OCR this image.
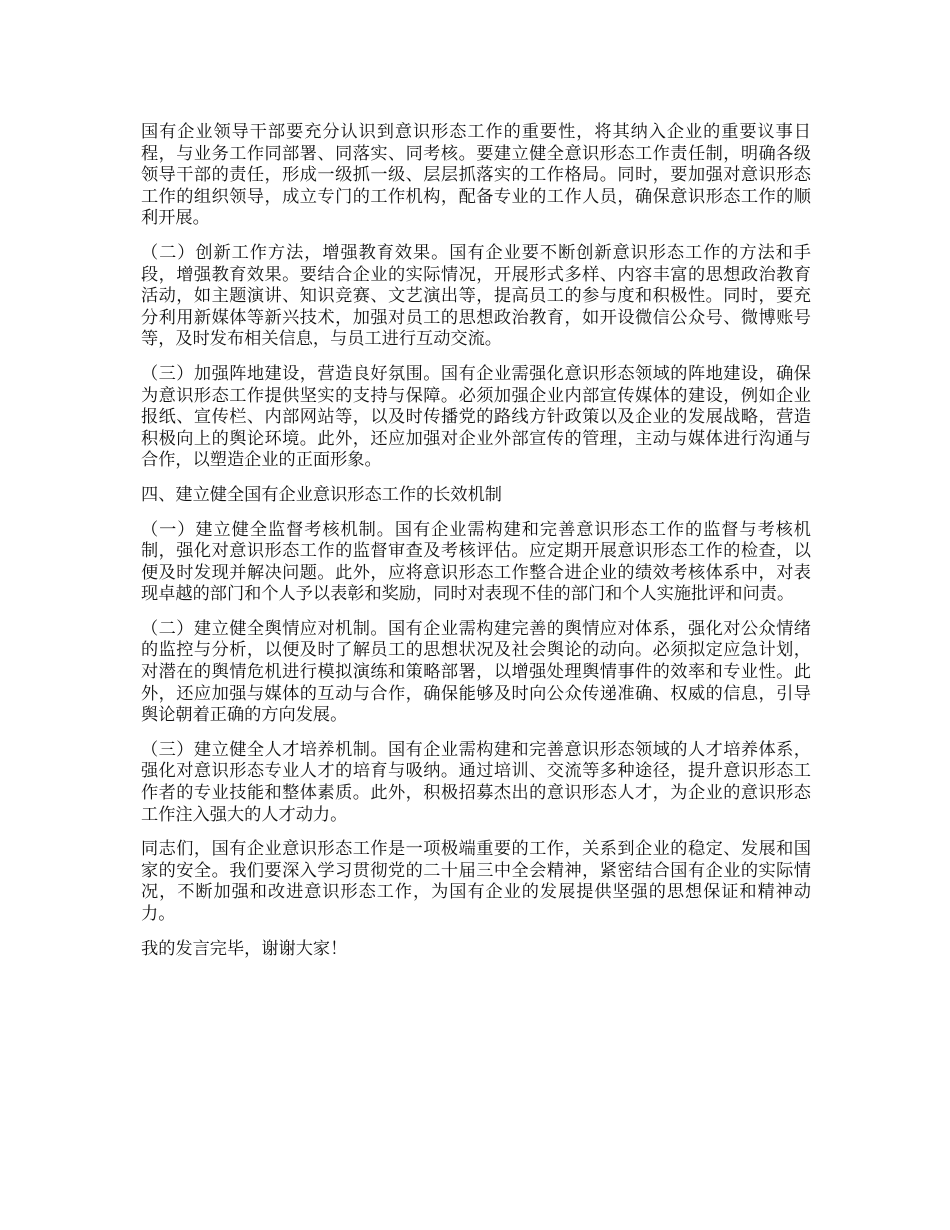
国有企业领导干部要充分认识到意识形态工作的重要性，将其纳入企业的重要议事日程，与业务工作同部署、同落实、同考核。要建立健全意识形态工作责任制，明确各级领导干部的责任，形成一级抓一级、层层抓落实的工作格局。同时，要加强对意识形态工作的组织领导，成立专门的工作机构，配备专业的工作人员，确保意识形态工作的顺利开展。

（二）创新工作方法，增强教育效果。国有企业要不断创新意识形态工作的方法和手段，增强教育效果。要结合企业的实际情况，开展形式多样、内容丰富的思想政治教育活动，如主题演讲、知识竞赛、文艺演出等，提高员工的参与度和积极性。同时，要充分利用新媒体等新兴技术，加强对员工的思想政治教育，如开设微信公众号、微博账号等，及时发布相关信息，与员工进行互动交流。

（三）加强阵地建设，营造良好氛围。国有企业需强化意识形态领域的阵地建设，确保为意识形态工作提供坚实的支持与保障。必须加强企业内部宣传媒体的建设，例如企业报纸、宣传栏、内部网站等，以及时传播党的路线方针政策以及企业的发展战略，营造积极向上的舆论环境。此外，还应加强对企业外部宣传的管理，主动与媒体进行沟通与合作，以塑造企业的正面形象。

四、建立健全国有企业意识形态工作的长效机制

（一）建立健全监督考核机制。国有企业需构建和完善意识形态工作的监督与考核机制，强化对意识形态工作的监督审查及考核评估。应定期开展意识形态工作的检查，以便及时发现并解决问题。此外，应将意识形态工作整合进企业的绩效考核体系中，对表现卓越的部门和个人予以表彰和奖励，同时对表现不佳的部门和个人实施批评和问责。

（二）建立健全舆情应对机制。国有企业需构建完善的舆情应对体系，强化对公众情绪的监控与分析，以便及时了解员工的思想状况及社会舆论的动向。必须拟定应急计划，对潜在的舆情危机进行模拟演练和策略部署，以增强处理舆情事件的效率和专业性。此外，还应加强与媒体的互动与合作，确保能够及时向公众传递准确、权威的信息，引导舆论朝着正确的方向发展。

（三）建立健全人才培养机制。国有企业需构建和完善意识形态领域的人才培养体系，强化对意识形态专业人才的培育与吸纳。通过培训、交流等多种途径，提升意识形态工作者的专业技能和整体素质。此外，积极招募杰出的意识形态人才，为企业的意识形态工作注入强大的人才动力。

同志们，国有企业意识形态工作是一项极端重要的工作，关系到企业的稳定、发展和国家的安全。我们要深入学习贯彻党的二十届三中全会精神，紧密结合国有企业的实际情况，不断加强和改进意识形态工作，为国有企业的发展提供坚强的思想保证和精神动力。

我的发言完毕，谢谢大家！
